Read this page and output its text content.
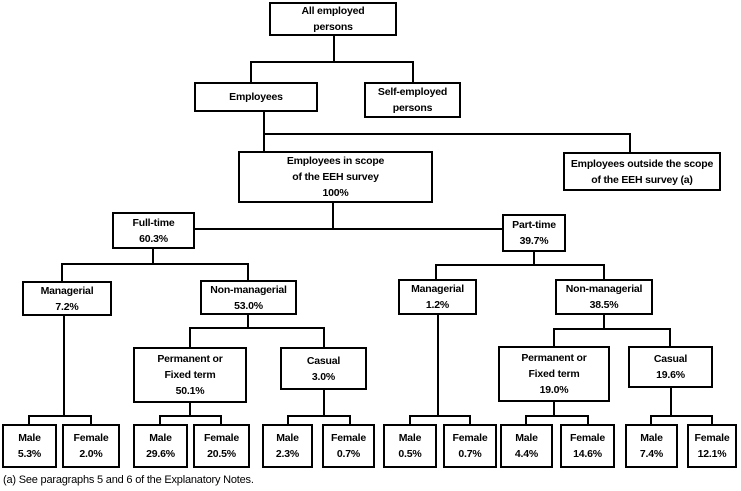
All employed
persons
Employees	Self-employed
persons
Employees in scope
of the EEH survey
100%
Employees outside the scope
of the EEH survey (a)
Full-time
60.3%
Part-time
39.7%
Managerial
7.2%
Non-managerial
53.0%
Managerial
1.2%
Non-managerial
38.5%
Permanent or
Fixed term
50.1%
Casual
3.0%
Permanent or
Fixed term
19.0%
Casual
19.6%
Male
5.3%
Female
2.0%
Male
29.6%
Female
20.5%
Male
2.3%
Female
0.7%
Male
0.5%
Female
0.7%
Male
4.4%
Female
14.6%
Male
7.4%
Female
12.1%
(a) See paragraphs 5 and 6 of the Explanatory Notes.
